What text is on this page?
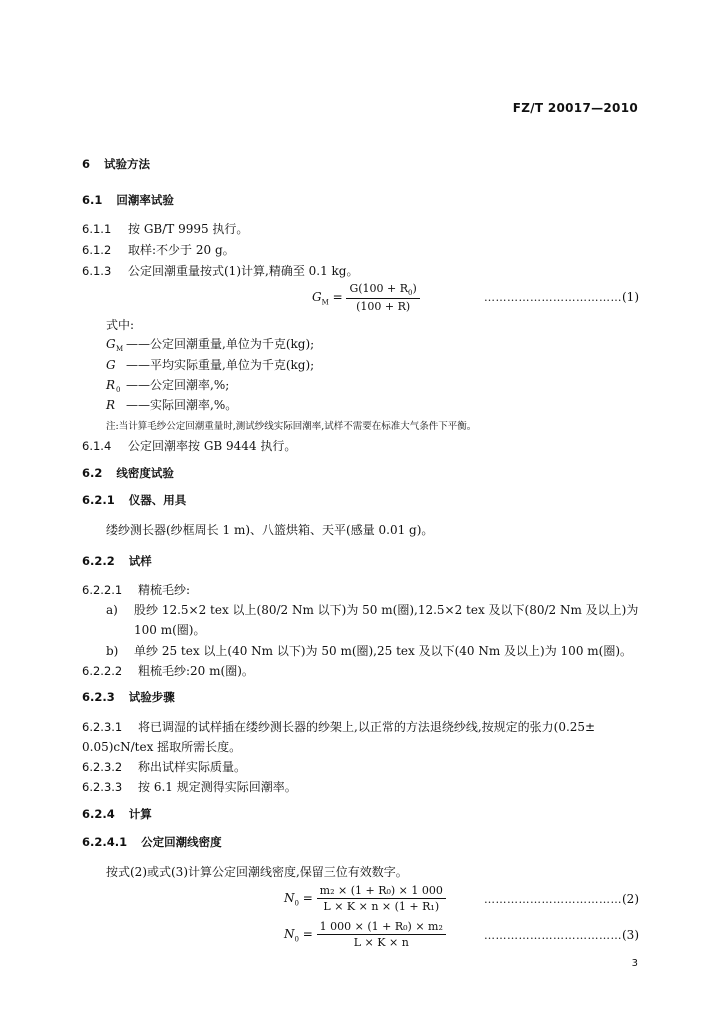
FZ/T 20017—2010
6 试验方法
6.1 回潮率试验
6.1.1 按 GB/T 9995 执行。
6.1.2 取样:不少于 20 g。
6.1.3 公定回潮重量按式(1)计算,精确至 0.1 kg。
$G_M = \frac{G(100 + R_0)}{(100 + R)}$	………………………………(1)
式中:
$G_M$ ——公定回潮重量,单位为千克(kg);
G ——平均实际重量,单位为千克(kg);
$R_0$ ——公定回潮率,%;
R ——实际回潮率,%。
注:当计算毛纱公定回潮重量时,测试纱线实际回潮率,试样不需要在标准大气条件下平衡。
6.1.4 公定回潮率按 GB 9444 执行。
6.2 线密度试验
6.2.1 仪器、用具
缕纱测长器(纱框周长 1 m)、八篮烘箱、天平(感量 0.01 g)。
6.2.2 试样
6.2.2.1 精梳毛纱:
a) 股纱 12.5×2 tex 以上(80/2 Nm 以下)为 50 m(圈),12.5×2 tex 及以下(80/2 Nm 及以上)为
100 m(圈)。
b) 单纱 25 tex 以上(40 Nm 以下)为 50 m(圈),25 tex 及以下(40 Nm 及以上)为 100 m(圈)。
6.2.2.2 粗梳毛纱:20 m(圈)。
6.2.3 试验步骤
6.2.3.1 将已调湿的试样插在缕纱测长器的纱架上,以正常的方法退绕纱线,按规定的张力(0.25±
0.05)cN/tex 摇取所需长度。
6.2.3.2 称出试样实际质量。
6.2.3.3 按 6.1 规定测得实际回潮率。
6.2.4 计算
6.2.4.1 公定回潮线密度
按式(2)或式(3)计算公定回潮线密度,保留三位有效数字。
$N_0 = \frac{\text{m₂ × (1 + R₀) × 1 000}}{\text{L × K × n × (1 + R₁)}}$	………………………………(2)
$N_0 = \frac{\text{1 000 × (1 + R₀) × m₂}}{L \times K \times n}$	………………………………(3)
3
